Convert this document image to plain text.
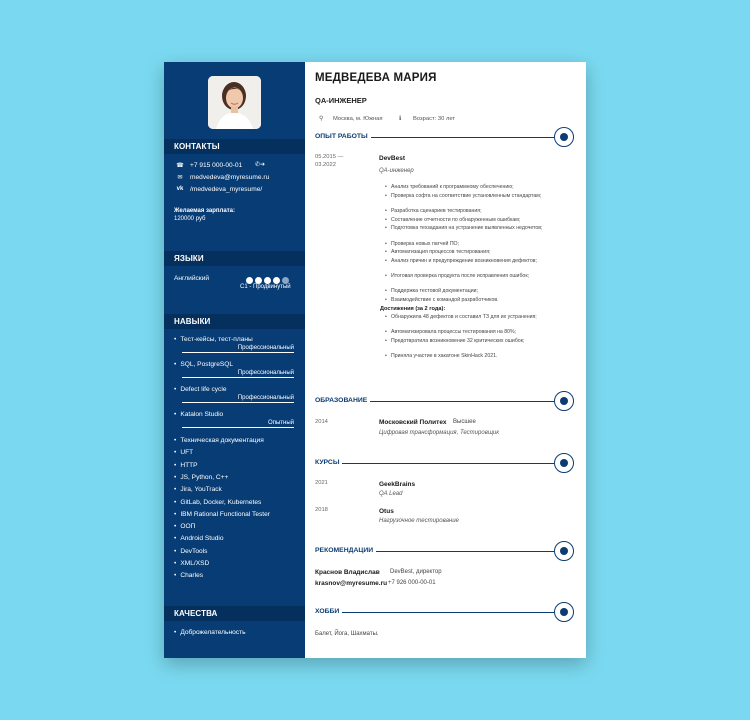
КОНТАКТЫ
☎ +7 915 000-00-01 ✆➔
✉ medvedeva@myresume.ru
vk /medvedeva_myresume/
Желаемая зарплата:
120000 руб
ЯЗЫКИ
Английский
C1 - Продвинутый
НАВЫКИ
• Тест-кейсы, тест-планы
Профессиональный
• SQL, PostgreSQL
Профессиональный
• Defect life cycle
Профессиональный
• Katalon Studio
Опытный
• Техническая документация
• UFT
• HTTP
• JS, Python, C++
• Jira, YouTrack
• GitLab, Docker, Kubernetes
• IBM Rational Functional Tester
• ООП
• Android Studio
• DevTools
• XML/XSD
• Charles
КАЧЕСТВА
• Доброжелательность
МЕДВЕДЕВА МАРИЯ
QA-ИНЖЕНЕР
⚲ Москва, м. Южная	ℹ Возраст: 30 лет
ОПЫТ РАБОТЫ
05.2015 —
03.2022
DevBest
QA-инженер
• Анализ требований к программному обеспечению;
• Проверка софта на соответствие установленным стандартам;
• Разработка сценариев тестирования;
• Составление отчетности по обнаруженным ошибкам;
• Подготовка техзадания на устранение выявленных недочетов;
• Проверка новых патчей ПО;
• Автоматизация процессов тестирования;
• Анализ причин и предупреждение возникновения дефектов;
• Итоговая проверка продукта после исправления ошибок;
• Поддержка тестовой документации;
• Взаимодействие с командой разработчиков.
Достижения (за 2 года):
• Обнаружила 48 дефектов и составил ТЗ для их устранения;
• Автоматизировала процессы тестирования на 80%;
• Предотвратила возникновение 32 критических ошибок;
• Приняла участие в хакатоне SkinHack 2021.
ОБРАЗОВАНИЕ
2014	Московский Политех Высшее
Цифровая трансформация, Тестировщик
КУРСЫ
2021	GeekBrains
QA Lead
2018	Otus
Нагрузочное тестирование
РЕКОМЕНДАЦИИ
Краснов Владислав DevBest, директор
krasnov@myresume.ru +7 926 000-00-01
ХОББИ
Балет, Йога, Шахматы.
